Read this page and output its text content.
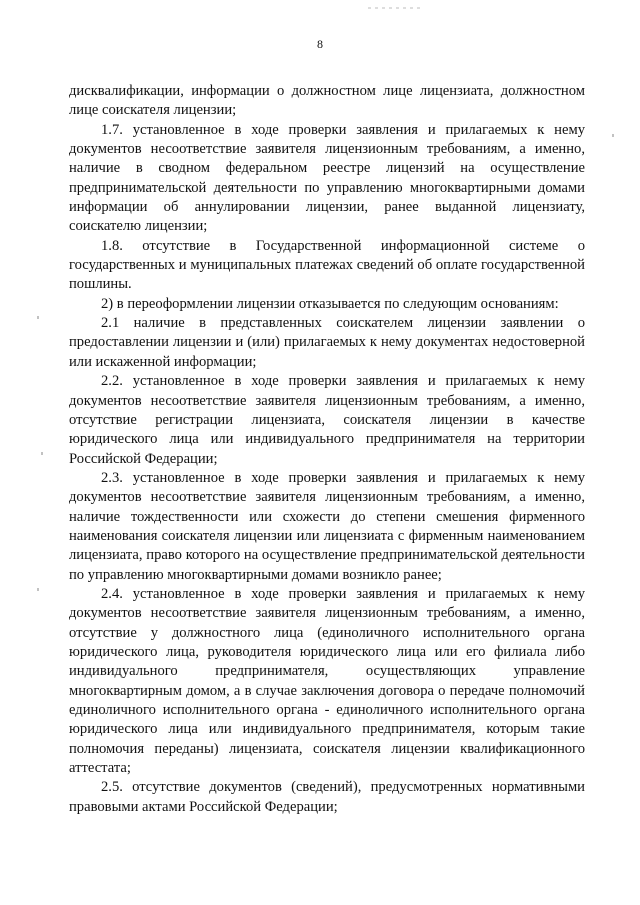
8

дисквалификации, информации о должностном лице лицензиата, должностном лице соискателя лицензии;

1.7. установленное в ходе проверки заявления и прилагаемых к нему документов несоответствие заявителя лицензионным требованиям, а именно, наличие в сводном федеральном реестре лицензий на осуществление предпринимательской деятельности по управлению многоквартирными домами информации об аннулировании лицензии, ранее выданной лицензиату, соискателю лицензии;

1.8. отсутствие в Государственной информационной системе о государственных и муниципальных платежах сведений об оплате государственной пошлины.

2) в переоформлении лицензии отказывается по следующим основаниям:

2.1 наличие в представленных соискателем лицензии заявлении о предоставлении лицензии и (или) прилагаемых к нему документах недостоверной или искаженной информации;

2.2. установленное в ходе проверки заявления и прилагаемых к нему документов несоответствие заявителя лицензионным требованиям, а именно, отсутствие регистрации лицензиата, соискателя лицензии в качестве юридического лица или индивидуального предпринимателя на территории Российской Федерации;

2.3. установленное в ходе проверки заявления и прилагаемых к нему документов несоответствие заявителя лицензионным требованиям, а именно, наличие тождественности или схожести до степени смешения фирменного наименования соискателя лицензии или лицензиата с фирменным наименованием лицензиата, право которого на осуществление предпринимательской деятельности по управлению многоквартирными домами возникло ранее;

2.4. установленное в ходе проверки заявления и прилагаемых к нему документов несоответствие заявителя лицензионным требованиям, а именно, отсутствие у должностного лица (единоличного исполнительного органа юридического лица, руководителя юридического лица или его филиала либо индивидуального предпринимателя, осуществляющих управление многоквартирным домом, а в случае заключения договора о передаче полномочий единоличного исполнительного органа - единоличного исполнительного органа юридического лица или индивидуального предпринимателя, которым такие полномочия переданы) лицензиата, соискателя лицензии квалификационного аттестата;

2.5. отсутствие документов (сведений), предусмотренных нормативными правовыми актами Российской Федерации;
